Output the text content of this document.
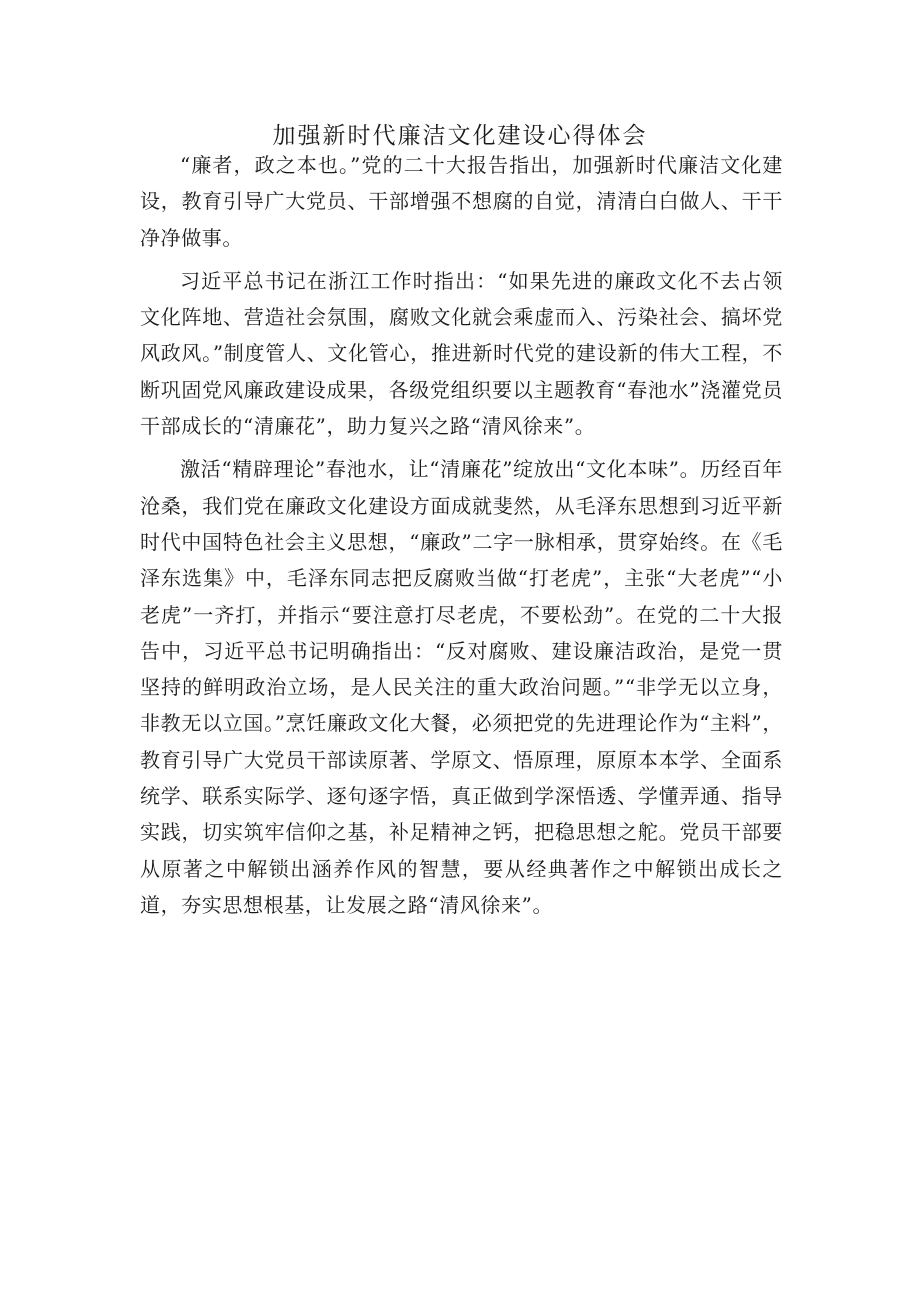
加强新时代廉洁文化建设心得体会

“廉者，政之本也。”党的二十大报告指出，加强新时代廉洁文化建设，教育引导广大党员、干部增强不想腐的自觉，清清白白做人、干干净净做事。

习近平总书记在浙江工作时指出：“如果先进的廉政文化不去占领文化阵地、营造社会氛围，腐败文化就会乘虚而入、污染社会、搞坏党风政风。”制度管人、文化管心，推进新时代党的建设新的伟大工程，不断巩固党风廉政建设成果，各级党组织要以主题教育“春池水”浇灌党员干部成长的“清廉花”，助力复兴之路“清风徐来”。

激活“精辟理论”春池水，让“清廉花”绽放出“文化本味”。历经百年沧桑，我们党在廉政文化建设方面成就斐然，从毛泽东思想到习近平新时代中国特色社会主义思想，“廉政”二字一脉相承，贯穿始终。在《毛泽东选集》中，毛泽东同志把反腐败当做“打老虎”，主张“大老虎”“小老虎”一齐打，并指示“要注意打尽老虎，不要松劲”。在党的二十大报告中，习近平总书记明确指出：“反对腐败、建设廉洁政治，是党一贯坚持的鲜明政治立场，是人民关注的重大政治问题。”“非学无以立身，非教无以立国。”烹饪廉政文化大餐，必须把党的先进理论作为“主料”，教育引导广大党员干部读原著、学原文、悟原理，原原本本学、全面系统学、联系实际学、逐句逐字悟，真正做到学深悟透、学懂弄通、指导实践，切实筑牢信仰之基，补足精神之钙，把稳思想之舵。党员干部要从原著之中解锁出涵养作风的智慧，要从经典著作之中解锁出成长之道，夯实思想根基，让发展之路“清风徐来”。
